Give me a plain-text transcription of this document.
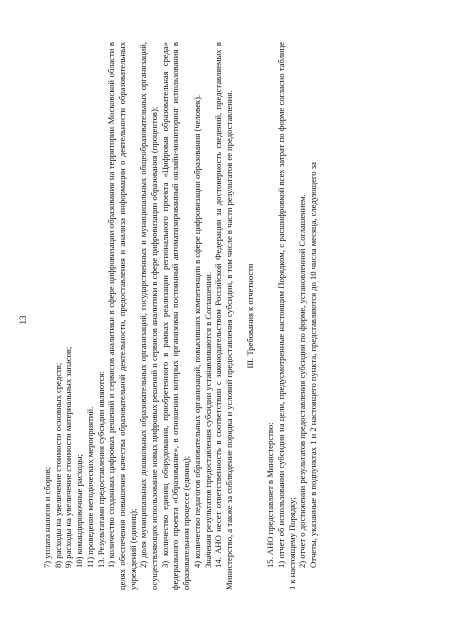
13

7) уплата налогов и сборов; 8) расходы на увеличение стоимости основных средств; 9) расходы на увеличение стоимости материальных запасов; 10) командировочные расходы; 11) проведение методических мероприятий. 13. Результатами предоставления субсидии являются: 1) количество созданных цифровых решений и сервисов аналитики в сфере цифровизации образования на территории Московской области в целях обеспечения повышения качества образовательной деятельности, предоставления и анализа информации о деятельности образовательных учреждений (единиц); 2) доля муниципальных дошкольных образовательных организаций, государственных и муниципальных общеобразовательных организаций, осуществляющих использование новых цифровых решений и сервисов аналитики в сфере цифровизации образования (процентов); 3) количество единиц оборудования, приобретенного в рамках реализации регионального проекта «Цифровая образовательная среда» федерального проекта «Образование», в отношении которых организован постоянный автоматизированный онлайн-мониторинг использования в образовательном процессе (единиц); 4) количество педагогов образовательных организаций, повысивших компетенции в сфере цифровизации образования (человек). Значения результатов предоставления субсидии устанавливаются в Соглашении. 14. АНО несет ответственность в соответствии с законодательством Российской Федерации за достоверность сведений, представляемых в Министерство, а также за соблюдение порядка и условий предоставления субсидии, в том числе в части результатов ее предоставления. III. Требования к отчетности

15. АНО представляет в Министерство: 1) отчет об использовании субсидии на цели, предусмотренные настоящим Порядком, с расшифровкой всех затрат по форме согласно таблице 1 к настоящему Порядку; 2) отчет о достижении результатов предоставления субсидии по форме, установленной Соглашением. Отчеты, указанные в подпунктах 1 и 2 настоящего пункта, представляются до 10 числа месяца, следующего за
